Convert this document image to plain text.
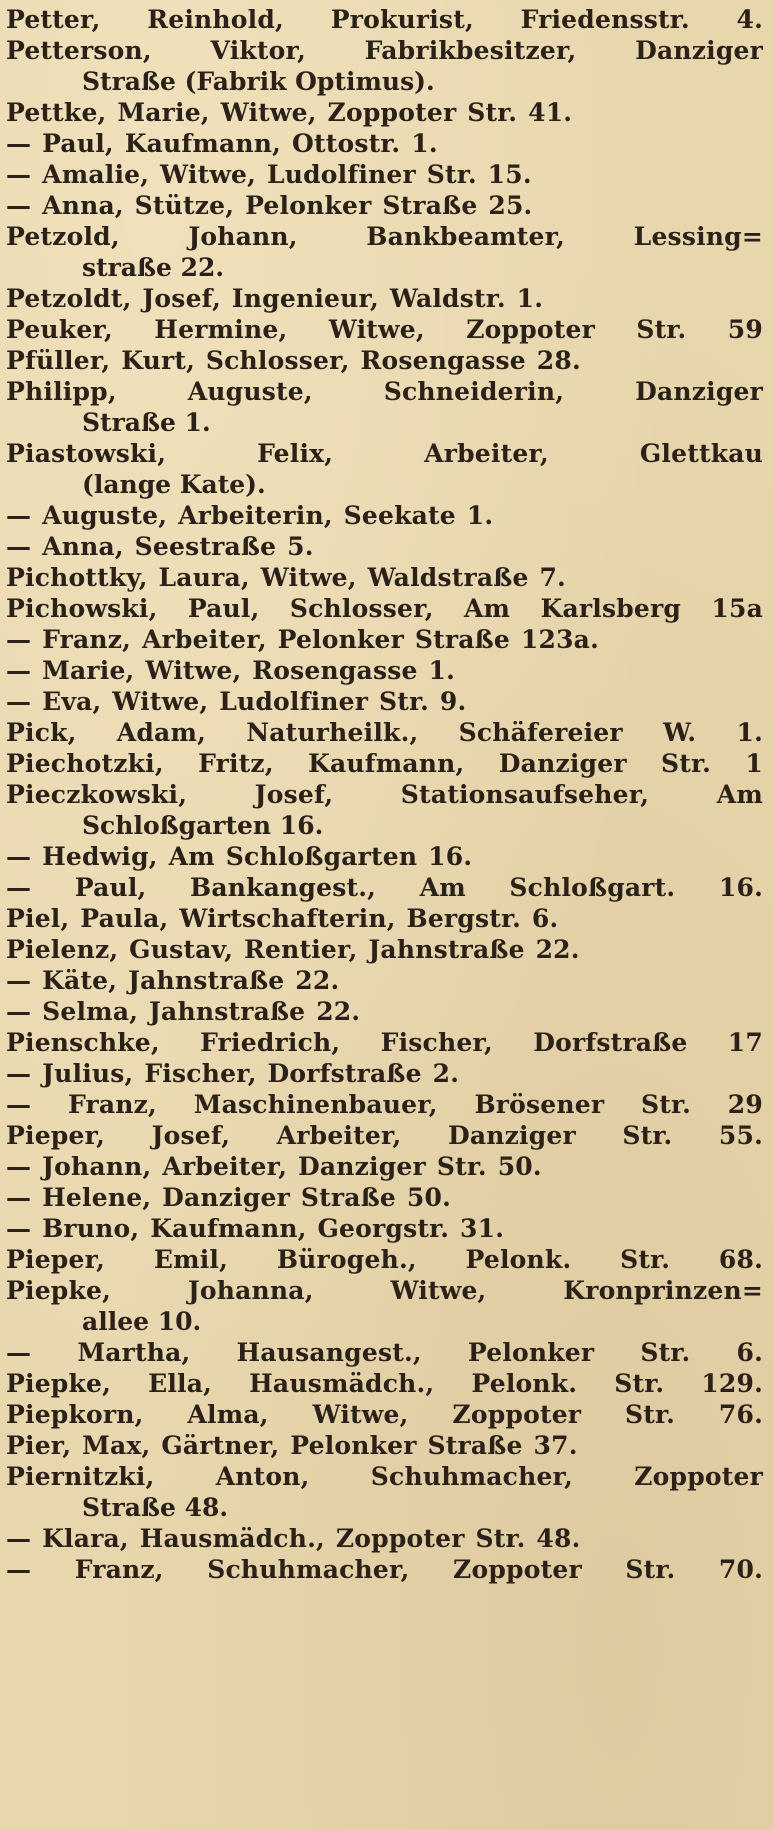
Petter, Reinhold, Prokurist, Friedensstr. 4.
Petterson, Viktor, Fabrikbesitzer, Danziger
Straße (Fabrik Optimus).
Pettke, Marie, Witwe, Zoppoter Str. 41.
— Paul, Kaufmann, Ottostr. 1.
— Amalie, Witwe, Ludolfiner Str. 15.
— Anna, Stütze, Pelonker Straße 25.
Petzold, Johann, Bankbeamter, Lessing=
straße 22.
Petzoldt, Josef, Ingenieur, Waldstr. 1.
Peuker, Hermine, Witwe, Zoppoter Str. 59
Pfüller, Kurt, Schlosser, Rosengasse 28.
Philipp, Auguste, Schneiderin, Danziger
Straße 1.
Piastowski, Felix, Arbeiter, Glettkau
(lange Kate).
— Auguste, Arbeiterin, Seekate 1.
— Anna, Seestraße 5.
Pichottky, Laura, Witwe, Waldstraße 7.
Pichowski, Paul, Schlosser, Am Karlsberg 15a
— Franz, Arbeiter, Pelonker Straße 123a.
— Marie, Witwe, Rosengasse 1.
— Eva, Witwe, Ludolfiner Str. 9.
Pick, Adam, Naturheilk., Schäfereier W. 1.
Piechotzki, Fritz, Kaufmann, Danziger Str. 1
Pieczkowski, Josef, Stationsaufseher, Am
Schloßgarten 16.
— Hedwig, Am Schloßgarten 16.
— Paul, Bankangest., Am Schloßgart. 16.
Piel, Paula, Wirtschafterin, Bergstr. 6.
Pielenz, Gustav, Rentier, Jahnstraße 22.
— Käte, Jahnstraße 22.
— Selma, Jahnstraße 22.
Pienschke, Friedrich, Fischer, Dorfstraße 17
— Julius, Fischer, Dorfstraße 2.
— Franz, Maschinenbauer, Brösener Str. 29
Pieper, Josef, Arbeiter, Danziger Str. 55.
— Johann, Arbeiter, Danziger Str. 50.
— Helene, Danziger Straße 50.
— Bruno, Kaufmann, Georgstr. 31.
Pieper, Emil, Bürogeh., Pelonk. Str. 68.
Piepke, Johanna, Witwe, Kronprinzen=
allee 10.
— Martha, Hausangest., Pelonker Str. 6.
Piepke, Ella, Hausmädch., Pelonk. Str. 129.
Piepkorn, Alma, Witwe, Zoppoter Str. 76.
Pier, Max, Gärtner, Pelonker Straße 37.
Piernitzki, Anton, Schuhmacher, Zoppoter
Straße 48.
— Klara, Hausmädch., Zoppoter Str. 48.
— Franz, Schuhmacher, Zoppoter Str. 70.
